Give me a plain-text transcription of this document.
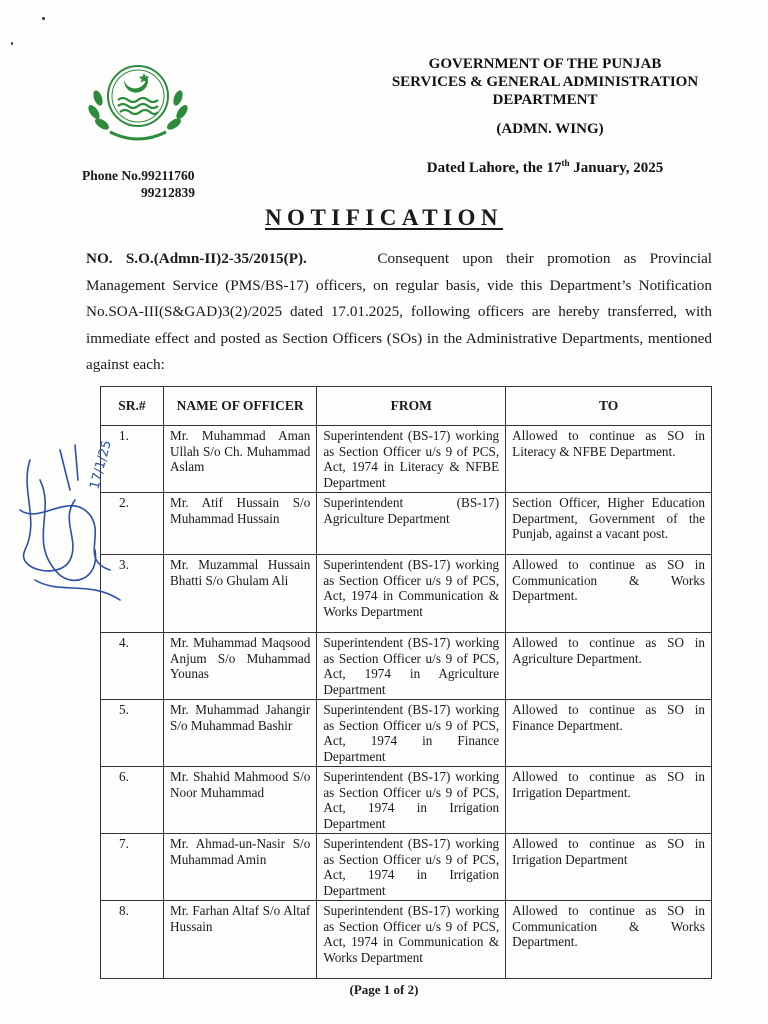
GOVERNMENT OF THE PUNJAB
SERVICES & GENERAL ADMINISTRATION
DEPARTMENT
(ADMN. WING)
Dated Lahore, the 17th January, 2025
Phone No.99211760
99212839
NOTIFICATION
NO. S.O.(Admn-II)2-35/2015(P).	Consequent upon their promotion as Provincial Management Service (PMS/BS-17) officers, on regular basis, vide this Department’s Notification No.SOA-III(S&GAD)3(2)/2025 dated 17.01.2025, following officers are hereby transferred, with immediate effect and posted as Section Officers (SOs) in the Administrative Departments, mentioned against each:
SR.#	NAME OF OFFICER	FROM	TO
1.	Mr. Muhammad Aman Ullah S/o Ch. Muhammad Aslam	Superintendent (BS-17) working as Section Officer u/s 9 of PCS, Act, 1974 in Literacy & NFBE Department	Allowed to continue as SO in Literacy & NFBE Department.
2.	Mr. Atif Hussain S/o Muhammad Hussain	Superintendent (BS-17) Agriculture Department	Section Officer, Higher Education Department, Government of the Punjab, against a vacant post.
3.	Mr. Muzammal Hussain Bhatti S/o Ghulam Ali	Superintendent (BS-17) working as Section Officer u/s 9 of PCS, Act, 1974 in Communication & Works Department	Allowed to continue as SO in Communication & Works Department.
4.	Mr. Muhammad Maqsood Anjum S/o Muhammad Younas	Superintendent (BS-17) working as Section Officer u/s 9 of PCS, Act, 1974 in Agriculture Department	Allowed to continue as SO in Agriculture Department.
5.	Mr. Muhammad Jahangir S/o Muhammad Bashir	Superintendent (BS-17) working as Section Officer u/s 9 of PCS, Act, 1974 in Finance Department	Allowed to continue as SO in Finance Department.
6.	Mr. Shahid Mahmood S/o Noor Muhammad	Superintendent (BS-17) working as Section Officer u/s 9 of PCS, Act, 1974 in Irrigation Department	Allowed to continue as SO in Irrigation Department.
7.	Mr. Ahmad-un-Nasir S/o Muhammad Amin	Superintendent (BS-17) working as Section Officer u/s 9 of PCS, Act, 1974 in Irrigation Department	Allowed to continue as SO in Irrigation Department
8.	Mr. Farhan Altaf S/o Altaf Hussain	Superintendent (BS-17) working as Section Officer u/s 9 of PCS, Act, 1974 in Communication & Works Department	Allowed to continue as SO in Communication & Works Department.
17/1/25
(Page 1 of 2)
